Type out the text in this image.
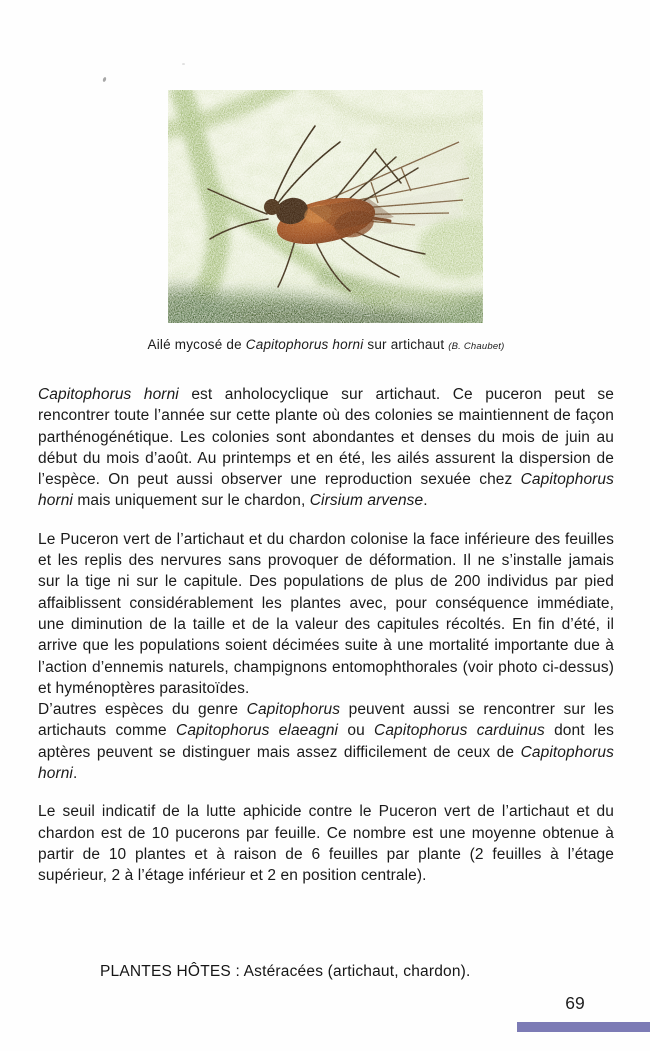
Ailé mycosé de Capitophorus horni sur artichaut (B. Chaubet)

Capitophorus horni est anholocyclique sur artichaut. Ce puceron peut se rencontrer toute l’année sur cette plante où des colonies se maintiennent de façon parthénogénétique. Les colonies sont abondantes et denses du mois de juin au début du mois d’août. Au printemps et en été, les ailés assurent la dispersion de l’espèce. On peut aussi observer une reproduction sexuée chez Capitophorus horni mais uniquement sur le chardon, Cirsium arvense.

Le Puceron vert de l’artichaut et du chardon colonise la face inférieure des feuilles et les replis des nervures sans provoquer de déformation. Il ne s’installe jamais sur la tige ni sur le capitule. Des populations de plus de 200 individus par pied affaiblissent considérablement les plantes avec, pour conséquence immédiate, une diminution de la taille et de la valeur des capitules récoltés. En fin d’été, il arrive que les populations soient décimées suite à une mortalité importante due à l’action d’ennemis naturels, champignons entomophthorales (voir photo ci-dessus) et hyménoptères parasitoïdes.

D’autres espèces du genre Capitophorus peuvent aussi se rencontrer sur les artichauts comme Capitophorus elaeagni ou Capitophorus carduinus dont les aptères peuvent se distinguer mais assez difficilement de ceux de Capitophorus horni.

Le seuil indicatif de la lutte aphicide contre le Puceron vert de l’artichaut et du chardon est de 10 pucerons par feuille. Ce nombre est une moyenne obtenue à partir de 10 plantes et à raison de 6 feuilles par plante (2 feuilles à l’étage supérieur, 2 à l’étage inférieur et 2 en position centrale).

PLANTES HÔTES : Astéracées (artichaut, chardon).
69
